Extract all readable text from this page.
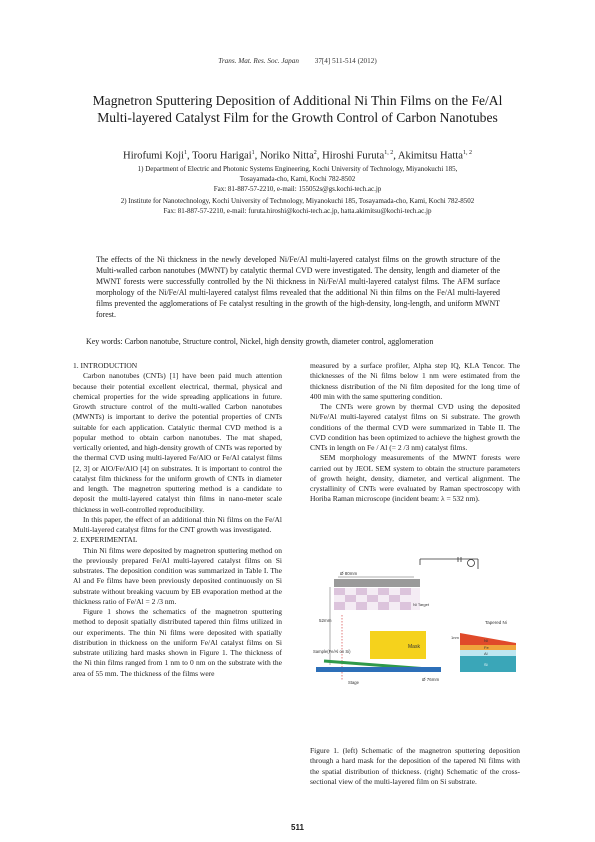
Trans. Mat. Res. Soc. Japan 37[4] 511-514 (2012)
Magnetron Sputtering Deposition of Additional Ni Thin Films on the Fe/Al
Multi-layered Catalyst Film for the Growth Control of Carbon Nanotubes
Hirofumi Koji$^1$, Tooru Harigai$^1$, Noriko Nitta$^2$, Hiroshi Furuta$^{1, 2}$, Akimitsu Hatta$^{1, 2}$
1) Department of Electric and Photonic Systems Engineering, Kochi University of Technology, Miyanokuchi 185,
Tosayamada-cho, Kami, Kochi 782-8502
Fax: 81-887-57-2210, e-mail: 155052s@gs.kochi-tech.ac.jp
2) Institute for Nanotechnology, Kochi University of Technology, Miyanokuchi 185, Tosayamada-cho, Kami, Kochi 782-8502
Fax: 81-887-57-2210, e-mail: furuta.hiroshi@kochi-tech.ac.jp, hatta.akimitsu@kochi-tech.ac.jp
The effects of the Ni thickness in the newly developed Ni/Fe/Al multi-layered catalyst films on the growth structure of the Multi-walled carbon nanotubes (MWNT) by catalytic thermal CVD were investigated. The density, length and diameter of the MWNT forests were successfully controlled by the Ni thickness in Ni/Fe/Al multi-layered catalyst films. The AFM surface morphology of the Ni/Fe/Al multi-layered catalyst films revealed that the additional Ni thin films on the Fe/Al multi-layered films prevented the agglomerations of Fe catalyst resulting in the growth of the high-density, long-length, and uniform MWNT forest.
Key words: Carbon nanotube, Structure control, Nickel, high density growth, diameter control, agglomeration

1. INTRODUCTION

Carbon nanotubes (CNTs) [1] have been paid much attention because their potential excellent electrical, thermal, physical and chemical properties for the wide spreading applications in future. Growth structure control of the multi-walled Carbon nanotubes (MWNTs) is important to derive the potential properties of CNTs suitable for each application. Catalytic thermal CVD method is a popular method to obtain carbon nanotubes. The mat shaped, vertically oriented, and high-density growth of CNTs was reported by the thermal CVD using multi-layered Fe/AlO or Fe/Al catalyst films [2, 3] or AlO/Fe/AlO [4] on substrates. It is important to control the catalyst film thickness for the uniform growth of CNTs in diameter and length. The magnetron sputtering method is a candidate to deposit the multi-layered catalyst thin films in nano-meter scale thickness in well-controlled reproducibility.

In this paper, the effect of an additional thin Ni films on the Fe/Al Multi-layered catalyst films for the CNT growth was investigated.

2. EXPERIMENTAL

Thin Ni films were deposited by magnetron sputtering method on the previously prepared Fe/Al multi-layered catalyst films on Si substrates. The deposition condition was summarized in Table I. The Al and Fe films have been previously deposited continuously on Si substrate without breaking vacuum by EB evaporation method at the thickness ratio of Fe/Al = 2 /3 nm.

Figure 1 shows the schematics of the magnetron sputtering method to deposit spatially distributed tapered thin films utilized in our experiments. The thin Ni films were deposited with spatially distribution in thickness on the uniform Fe/Al catalyst films on Si substrate utilizing hard masks shown in Figure 1. The thickness of the Ni thin films ranged from 1 nm to 0 nm on the substrate with the area of 55 mm. The thickness of the films were

measured by a surface profiler, Alpha step IQ, KLA Tencor. The thicknesses of the Ni films below 1 nm were estimated from the thickness distribution of the Ni film deposited for the long time of 400 min with the same sputtering condition.

The CNTs were grown by thermal CVD using the deposited Ni/Fe/Al multi-layered catalyst films on Si substrate. The growth conditions of the thermal CVD were summarized in Table II. The CVD condition has been optimized to achieve the highest growth the CNTs in length on Fe / Al (= 2 /3 nm) catalyst films.

SEM morphology measurements of the MWNT forests were carried out by JEOL SEM system to obtain the structure parameters of growth height, density, diameter, and vertical alignment. The crystallinity of CNTs were evaluated by Raman spectroscopy with Horiba Raman microscope (incident beam: λ = 532 nm).

Ø 80mm
Ni Target
52mm
Mask
Sample(Fe/Al on Si)
Stage
Ø 76mm
Tapered Ni
1nm
Ni
Fe
Al
Si
Figure 1. (left) Schematic of the magnetron sputtering deposition through a hard mask for the deposition of the tapered Ni films with the spatial distribution of thickness. (right) Schematic of the cross-sectional view of the multi-layered film on Si substrate.
511
